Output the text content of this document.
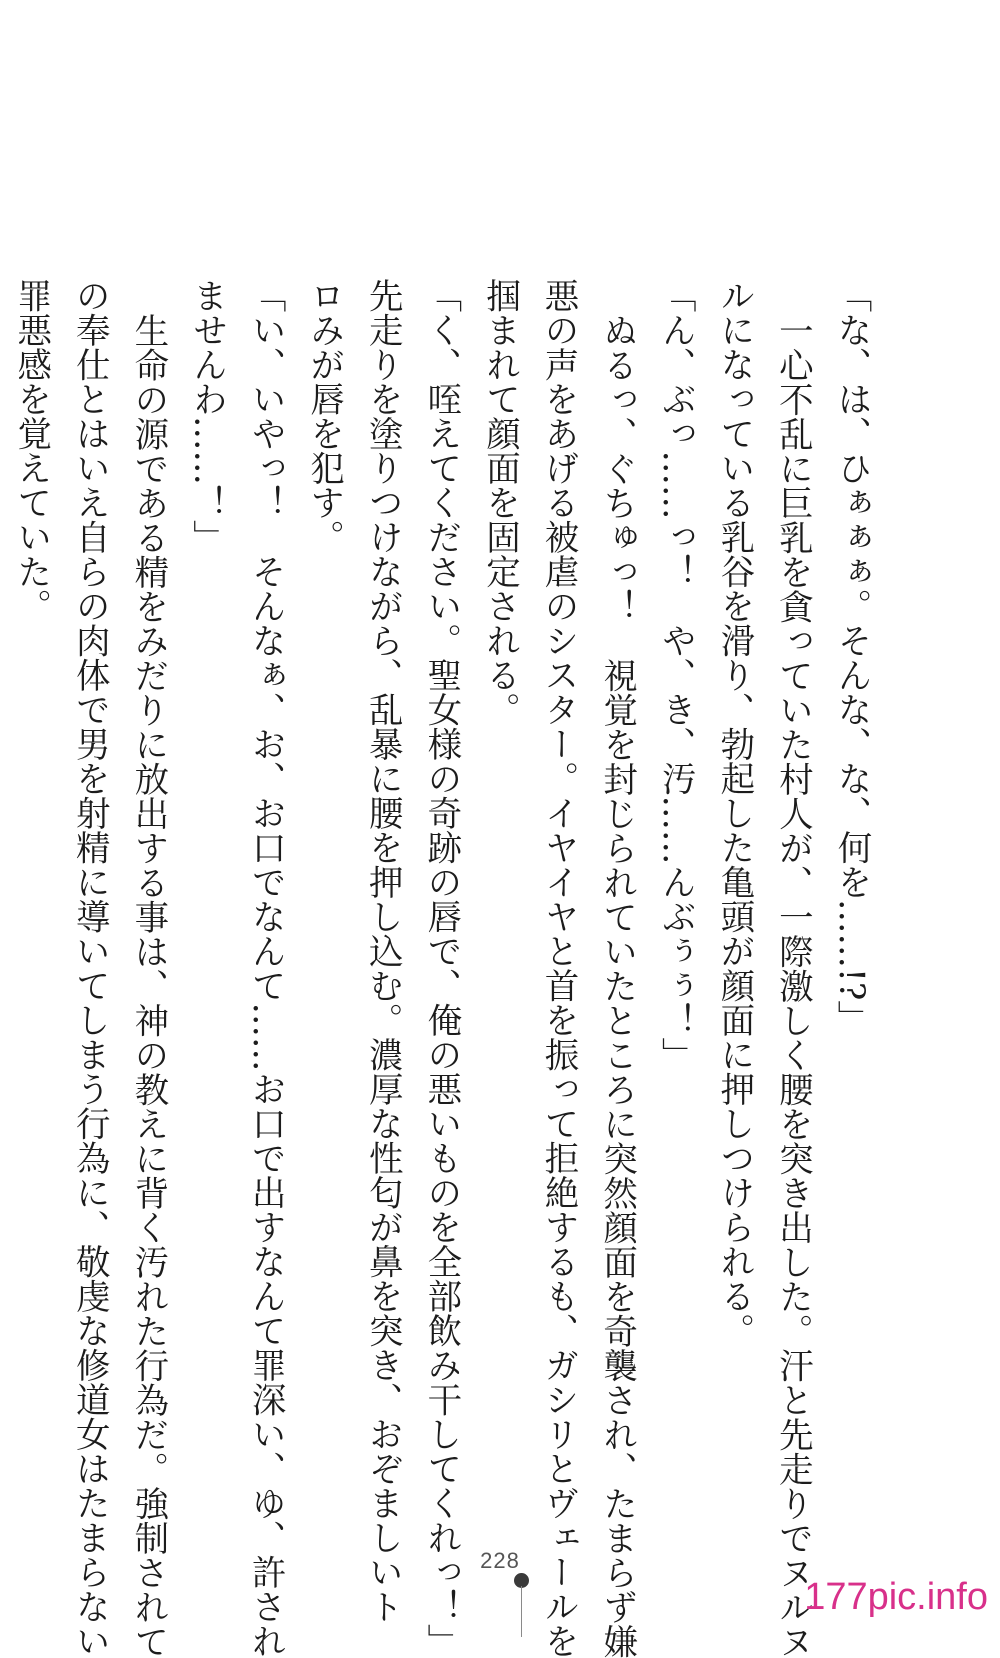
「な、は、ひぁぁぁ。そんな、な、何を……!?」
一心不乱に巨乳を貪っていた村人が、一際激しく腰を突き出した。汗と先走りでヌルヌ
ルになっている乳谷を滑り、勃起した亀頭が顔面に押しつけられる。
「ん、ぶっ……っ！　や、き、汚……んぶぅぅ！」
ぬるっ、ぐちゅっ！　視覚を封じられていたところに突然顔面を奇襲され、たまらず嫌
悪の声をあげる被虐のシスター。イヤイヤと首を振って拒絶するも、ガシリとヴェールを
掴まれて顔面を固定される。
「く、咥えてください。聖女様の奇跡の唇で、俺の悪いものを全部飲み干してくれっ！」
先走りを塗りつけながら、乱暴に腰を押し込む。濃厚な性匂が鼻を突き、おぞましいト
ロみが唇を犯す。
「い、いやっ！　そんなぁ、お、お口でなんて……お口で出すなんて罪深い、ゆ、許され
ませんわ……！」
生命の源である精をみだりに放出する事は、神の教えに背く汚れた行為だ。強制されて
の奉仕とはいえ自らの肉体で男を射精に導いてしまう行為に、敬虔な修道女はたまらない
罪悪感を覚えていた。
228
177pic.info
